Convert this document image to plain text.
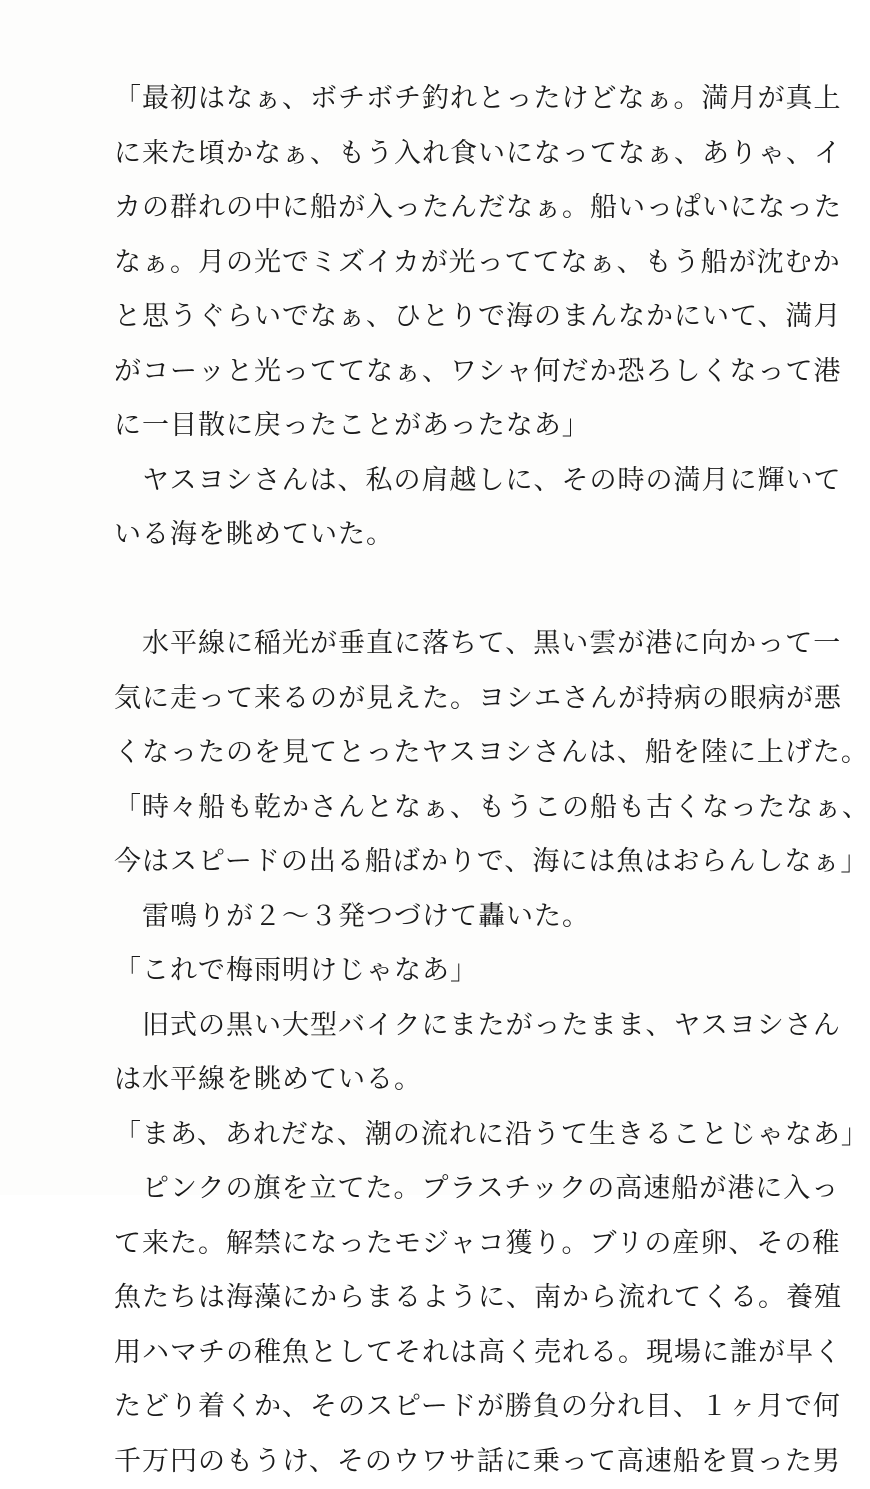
「最初はなぁ、ボチボチ釣れとったけどなぁ。満月が真上
に来た頃かなぁ、もう入れ食いになってなぁ、ありゃ、イ
カの群れの中に船が入ったんだなぁ。船いっぱいになった
なぁ。月の光でミズイカが光っててなぁ、もう船が沈むか
と思うぐらいでなぁ、ひとりで海のまんなかにいて、満月
がコーッと光っててなぁ、ワシャ何だか恐ろしくなって港
に一目散に戻ったことがあったなあ」
　ヤスヨシさんは、私の肩越しに、その時の満月に輝いて
いる海を眺めていた。
　水平線に稲光が垂直に落ちて、黒い雲が港に向かって一
気に走って来るのが見えた。ヨシエさんが持病の眼病が悪
くなったのを見てとったヤスヨシさんは、船を陸に上げた。
「時々船も乾かさんとなぁ、もうこの船も古くなったなぁ、
今はスピードの出る船ばかりで、海には魚はおらんしなぁ」
　雷鳴りが２～３発つづけて轟いた。
「これで梅雨明けじゃなあ」
　旧式の黒い大型バイクにまたがったまま、ヤスヨシさん
は水平線を眺めている。
「まあ、あれだな、潮の流れに沿うて生きることじゃなあ」
　ピンクの旗を立てた。プラスチックの高速船が港に入っ
て来た。解禁になったモジャコ獲り。ブリの産卵、その稚
魚たちは海藻にからまるように、南から流れてくる。養殖
用ハマチの稚魚としてそれは高く売れる。現場に誰が早く
たどり着くか、そのスピードが勝負の分れ目、１ヶ月で何
千万円のもうけ、そのウワサ話に乗って高速船を買った男
